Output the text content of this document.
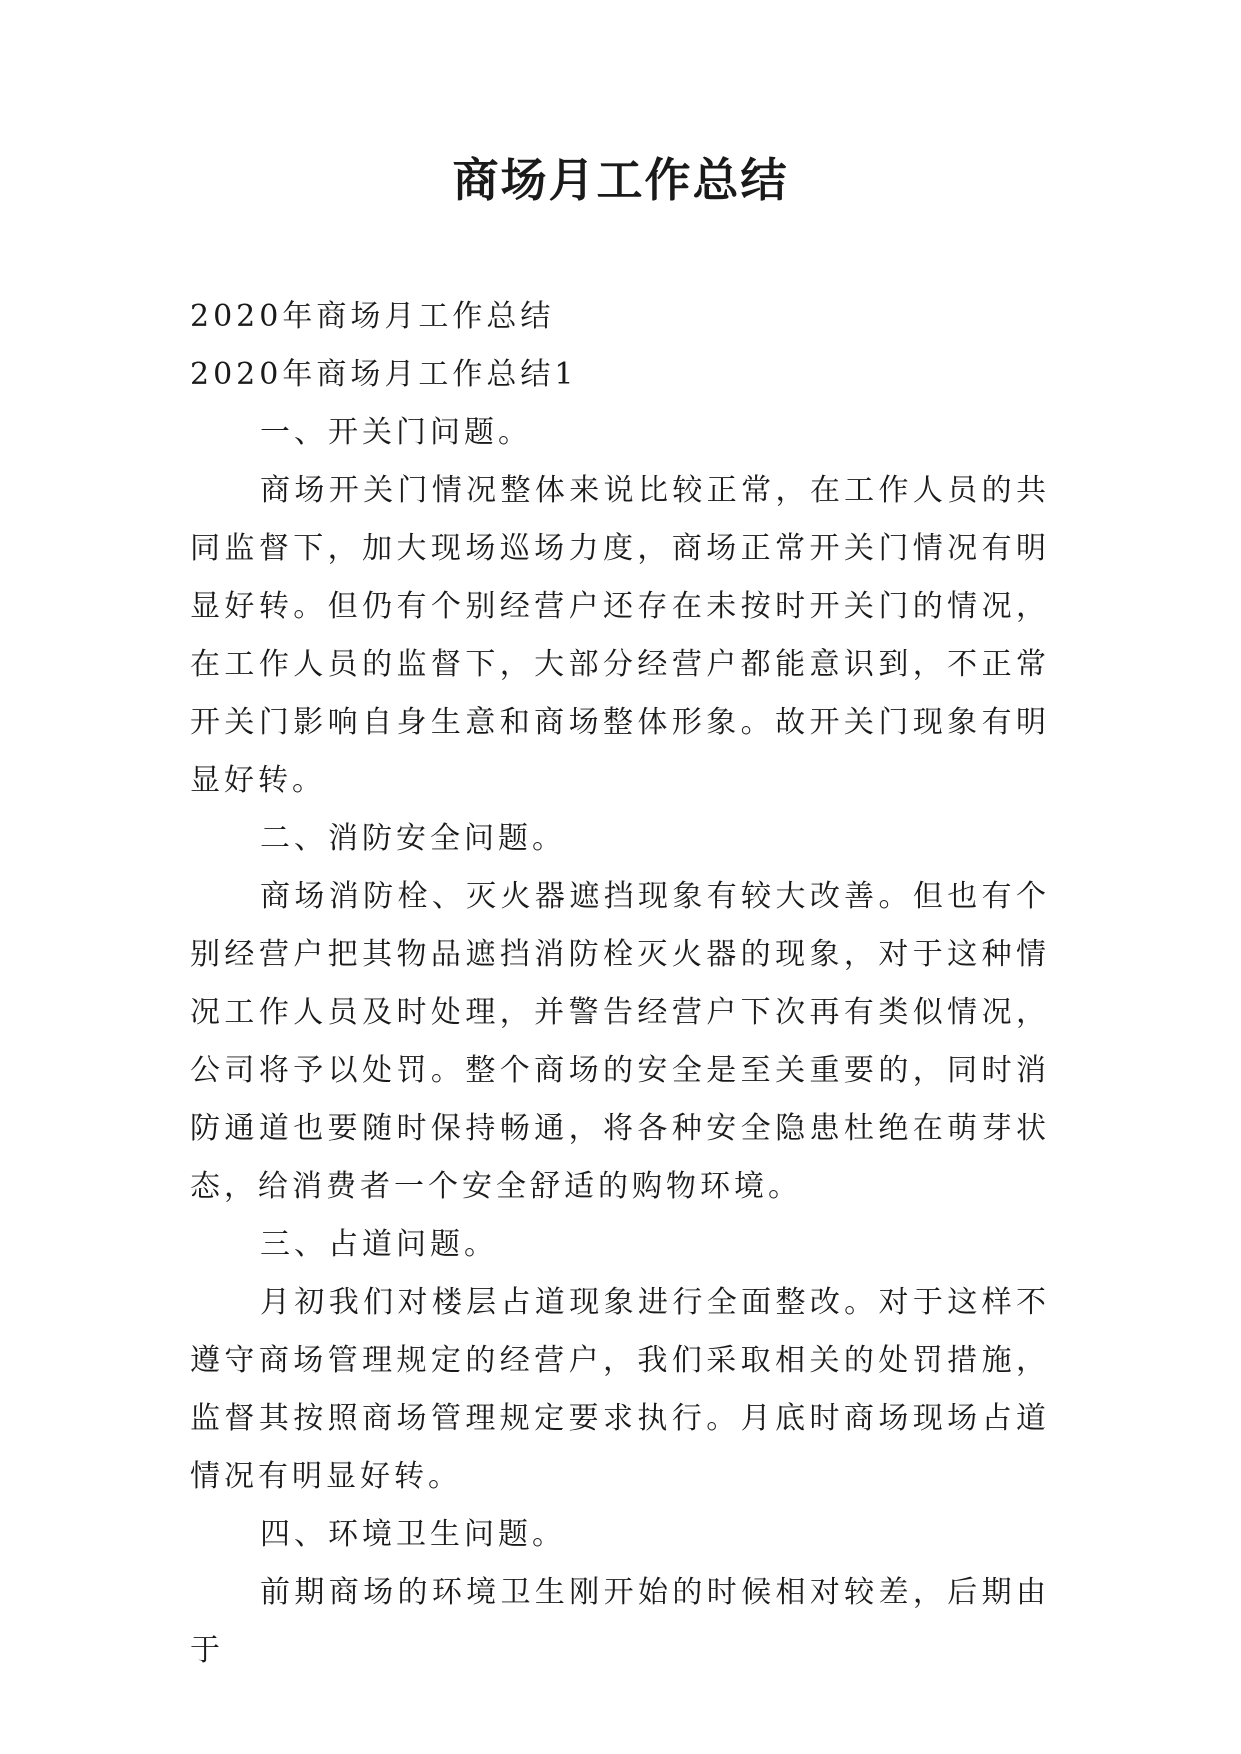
商场月工作总结

2020年商场月工作总结

2020年商场月工作总结1

一、开关门问题。

商场开关门情况整体来说比较正常，在工作人员的共同监督下，加大现场巡场力度，商场正常开关门情况有明显好转。但仍有个别经营户还存在未按时开关门的情况，在工作人员的监督下，大部分经营户都能意识到，不正常开关门影响自身生意和商场整体形象。故开关门现象有明显好转。

二、消防安全问题。

商场消防栓、灭火器遮挡现象有较大改善。但也有个别经营户把其物品遮挡消防栓灭火器的现象，对于这种情况工作人员及时处理，并警告经营户下次再有类似情况，公司将予以处罚。整个商场的安全是至关重要的，同时消防通道也要随时保持畅通，将各种安全隐患杜绝在萌芽状态，给消费者一个安全舒适的购物环境。

三、占道问题。

月初我们对楼层占道现象进行全面整改。对于这样不遵守商场管理规定的经营户，我们采取相关的处罚措施，监督其按照商场管理规定要求执行。月底时商场现场占道情况有明显好转。

四、环境卫生问题。

前期商场的环境卫生刚开始的时候相对较差，后期由于
